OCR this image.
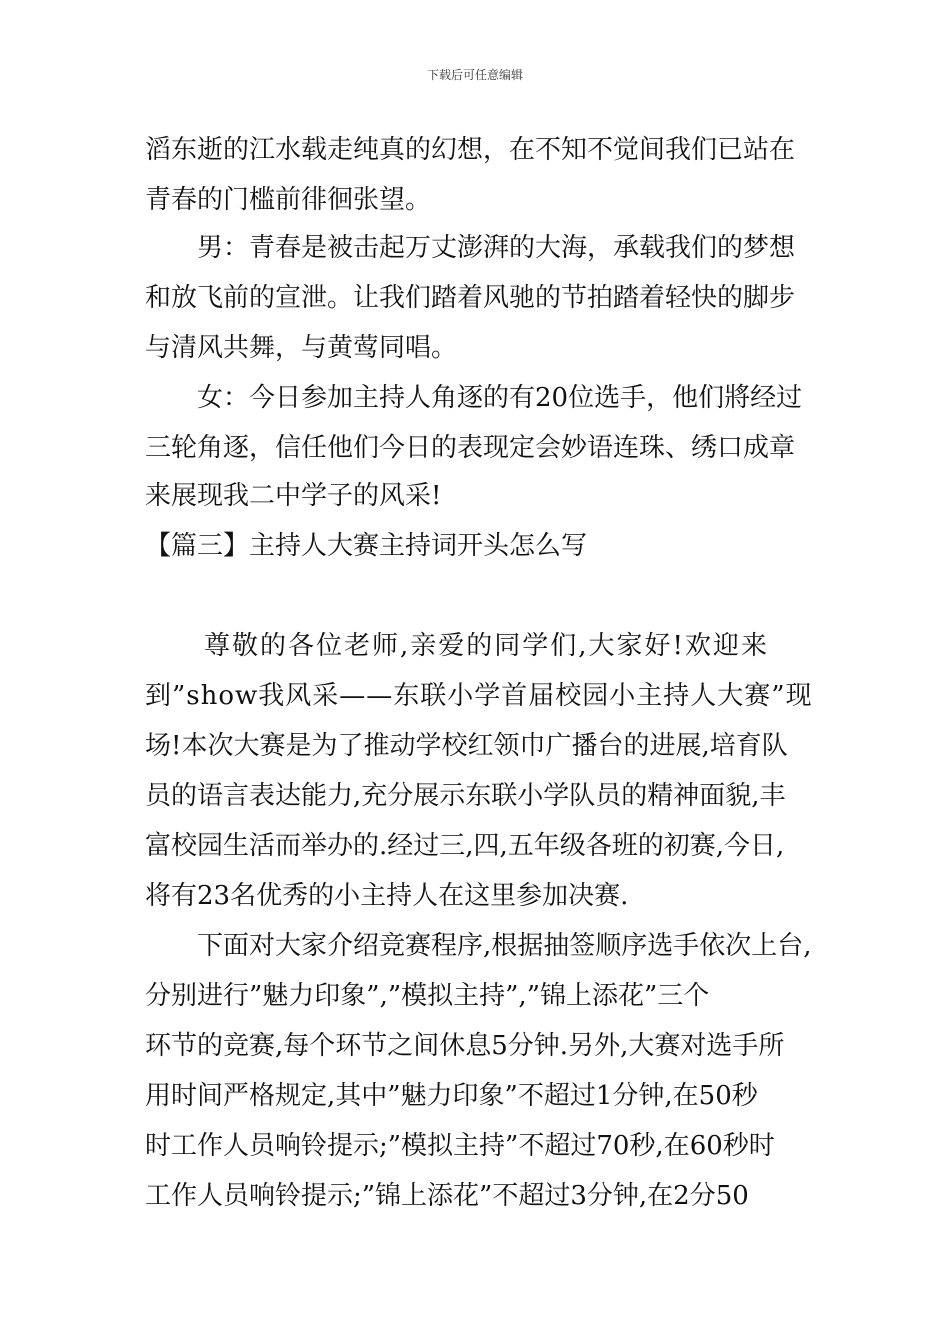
下载后可任意编辑
滔东逝的江水载走纯真的幻想，在不知不觉间我们已站在
青春的门槛前徘徊张望。
男：青春是被击起万丈澎湃的大海，承载我们的梦想
和放飞前的宣泄。让我们踏着风驰的节拍踏着轻快的脚步
与清风共舞，与黄莺同唱。
女：今日参加主持人角逐的有20位选手，他们將经过
三轮角逐，信任他们今日的表现定会妙语连珠、绣口成章
来展现我二中学子的风采!
【篇三】主持人大赛主持词开头怎么写
尊敬的各位老师,亲爱的同学们,大家好!欢迎来
到”show我风采——东联小学首届校园小主持人大赛”现
场!本次大赛是为了推动学校红领巾广播台的进展,培育队
员的语言表达能力,充分展示东联小学队员的精神面貌,丰
富校园生活而举办的.经过三,四,五年级各班的初赛,今日,
将有23名优秀的小主持人在这里参加决赛.
下面对大家介绍竞赛程序,根据抽签顺序选手依次上台,
分别进行”魅力印象”,”模拟主持”,”锦上添花”三个
环节的竞赛,每个环节之间休息5分钟.另外,大赛对选手所
用时间严格规定,其中”魅力印象”不超过1分钟,在50秒
时工作人员响铃提示;”模拟主持”不超过70秒,在60秒时
工作人员响铃提示;”锦上添花”不超过3分钟,在2分50
